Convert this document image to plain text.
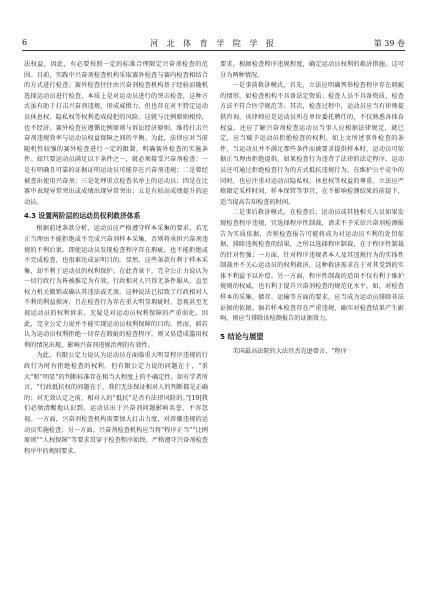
6	河 北 体 育 学 院 学 报	第 39 卷

法权益，因此，有必要按照一定的标准合理限定兴奋剂检查的范围。目前，实践中兴奋剂检查机构采取赛外检查与赛内检查相结合的方式进行检查。赛外检查往往由兴奋剂检查机构基于经验而随机选择运动员进行检查，本质上是对运动员进行的突击检查，这种方式虽有助于打击兴奋剂违规，形成威慑力，但也存在对不特定运动员休息权、隐私权等权利造成侵犯的风险。这就与比例原则相悖，也不经济。赛外检查应遵循比例原则与诉讼经济原则，维持打击兴奋剂违规效率与运动员权益保障之间的平衡。为此，法律应对当前随机性较强的赛外检查进行一定的限制，明确赛外检查的实施条件。如只要运动员满足以下条件之一，就必须接受兴奋剂检查：一是有明确且可靠的证据证明运动员可能存在兴奋剂违规；二是曾经被查出使用兴奋剂；三是处理重点检查名单上的运动员；四是在比赛中表现异常突出或成绩出现异常突出；五是有较高成绩提升的运动员。

4.3 设置两阶层的运动员权利救济体系

根据前述条款分析，运动员应严格遵守样本采集的要求，若无正当理由不能拒绝或不完成兴奋剂样本采集，否则将承担兴奋剂违规的不利后果。即使运动员发现检查程序存在瑕疵，也不能拒绝或不完成检查，也很难达成证明目的。显然，这些条款有利于样本采集，却不利于运动员的权利保护。在此背景下，完全公正力说认为一切行政行为皆被推定为有效，行政相对人只得无条件服从，直至权力机关撤销或确认其违法或无效。这种说法已招致了行政相对人不利的利益损害，且在检查行为存在重大明显瑕疵时，忽视甚至无视运动员的权利诉求，无疑是对运动员权利保障的严重弱化。因此，完全公定力说并不能实现运动员权利保障的目的。然而，倘若认为运动员权利拒绝一切存在瑕疵的检查程序，则又易造成滥用权利的情况出现，影响兴奋剂违规治理的有效性。

为此，有限公定力说认为运动员在面临重大明显程序违规的行政行为时有拒绝检查的权利。但有限公定力说的问题在于，“重大”和“明显”的判断标准存在相当大程度上的不确定性。如有学者所言，“行政抵抗权的问题在于，我们无法保证相对人的判断都是正确的；对无效认定之前，相对人的“抵抗”是否有法律风险的。”[19]我们必须清醒地认识到，运动员出于兴奋剂问题影响名誉、不容忽视。一方面，兴奋剂检查机构需要加大打击力度，对涉嫌违规的运动员实施检查；另一方面，兴奋剂检查机构应当将“程序正当”“比例原则”“人权保障”等要求贯穿于检查程序始终，严格遵守兴奋剂检查程序中的规则要求。

要求，根据检查程序违规程度，确定运动员权利的救济措施，这可分为两种情况。

一是事前救济模式，首先，立法应明确列举检查程序存在瑕疵的情形，如检查机构不具备法定资质；检查人员不具备资质，检查方法不符合医学规范等。其次，检查过程中，运动员应当有律师提供咨询，该律师应是运动员所在单位委托聘任的，不仅熟悉各体育权益，还应了解兴奋剂检查运动员当事人应根据法律规定，就已定，应当赋予运动员拒绝检查的权利。如上文所述事外检查的条件，当运动员并不满足那些条件而被要求提供样本时，运动员可依据正当理由拒绝提供。如果检查行为违背了法律的法定程序，运动员还可通过拒绝检查行为的方式抵抗违规行为，在维护公平竞争的同时，也应注重对运动员隐私权、休息权等权益的尊重。立法应严格限定采样时间，样本保管等事宜，在不影响检测结果的前提下，适当提高告知检查的时间。

二是事后救济模式，在检查后，运动员或其他相关人员如果发现检查程序违规，宜选择程序性制裁，请求不予采信兴奋剂检测报告为实质依据，否则检查报告可能将成为对运动员不利的处罚依据，排除违规检查的结果，之所以选择程序制裁，在于程序性制裁的针对性强；一方面，针对程序违规者本人及其违规行为的实体性制裁并不关心运动员的权利救济，这种救济需求在于对其受到的实体不利益予以补偿。另一方面，程序性制裁的适用不仅有利于维护规则的权威，也有利于提升兴奋剂检查的规范化水平。如，对检查样本的采集、储存、运输等方面的要求，应当成为运动员排除非法证据的依据。倘若样本检查存在严重违规，确实对检查结果产生影响，则应当排除该检测报告的证据效力。

5 结论与展望

美国最高法院的大法官杰克逊曾言，“程序
